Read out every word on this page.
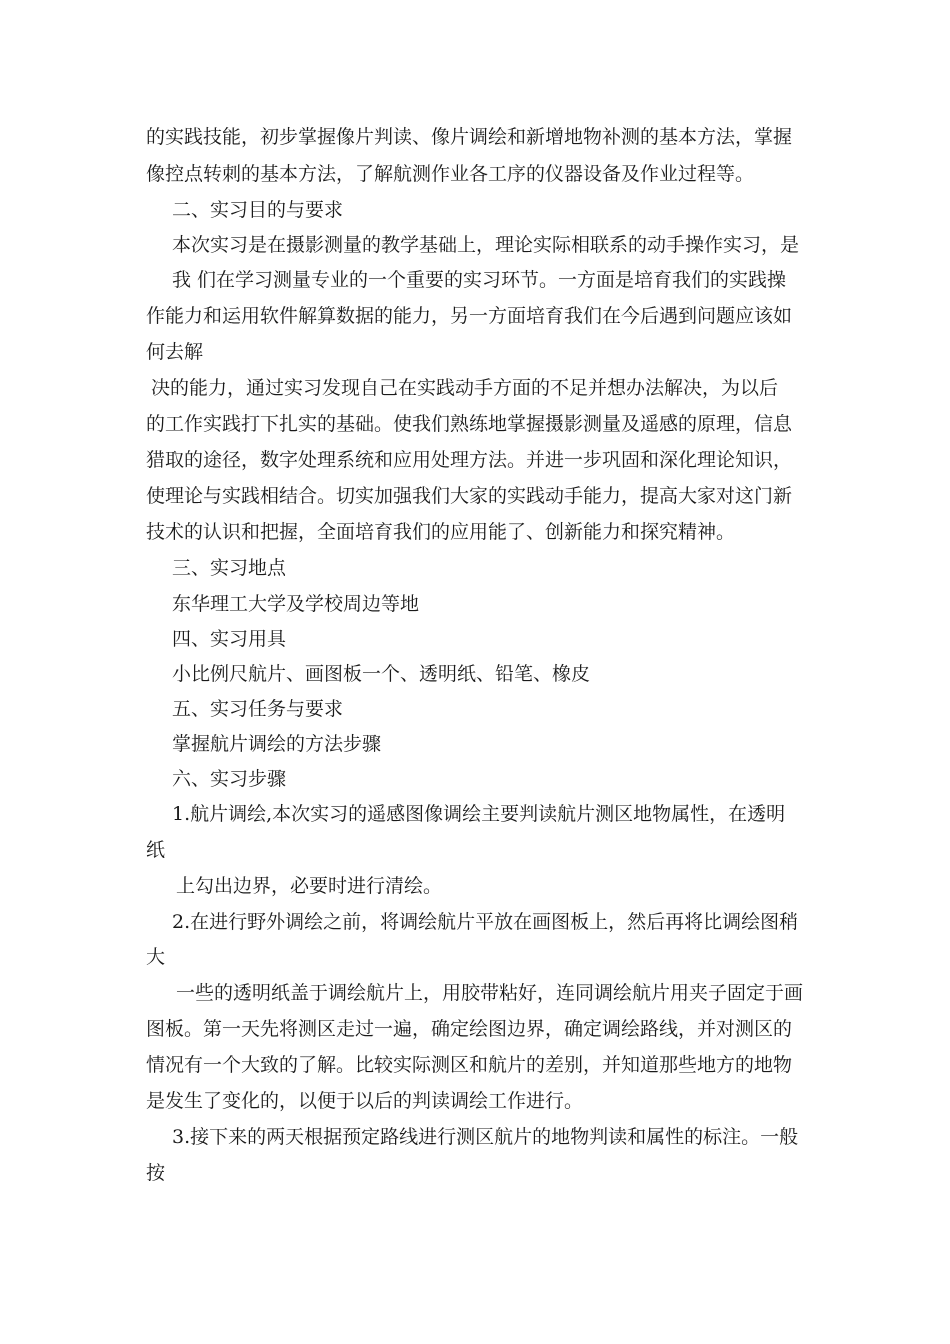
的实践技能，初步掌握像片判读、像片调绘和新增地物补测的基本方法，掌握
像控点转刺的基本方法，了解航测作业各工序的仪器设备及作业过程等。
二、实习目的与要求
本次实习是在摄影测量的教学基础上，理论实际相联系的动手操作实习，是
我 们在学习测量专业的一个重要的实习环节。一方面是培育我们的实践操
作能力和运用软件解算数据的能力，另一方面培育我们在今后遇到问题应该如
何去解
决的能力，通过实习发现自己在实践动手方面的不足并想办法解决，为以后
的工作实践打下扎实的基础。使我们熟练地掌握摄影测量及遥感的原理，信息
猎取的途径，数字处理系统和应用处理方法。并进一步巩固和深化理论知识，
使理论与实践相结合。切实加强我们大家的实践动手能力，提高大家对这门新
技术的认识和把握，全面培育我们的应用能了、创新能力和探究精神。
三、实习地点
东华理工大学及学校周边等地
四、实习用具
小比例尺航片、画图板一个、透明纸、铅笔、橡皮
五、实习任务与要求
掌握航片调绘的方法步骤
六、实习步骤
1.航片调绘,本次实习的遥感图像调绘主要判读航片测区地物属性，在透明
纸
上勾出边界，必要时进行清绘。
2.在进行野外调绘之前，将调绘航片平放在画图板上，然后再将比调绘图稍
大
一些的透明纸盖于调绘航片上，用胶带粘好，连同调绘航片用夹子固定于画
图板。第一天先将测区走过一遍，确定绘图边界，确定调绘路线，并对测区的
情况有一个大致的了解。比较实际测区和航片的差别，并知道那些地方的地物
是发生了变化的，以便于以后的判读调绘工作进行。
3.接下来的两天根据预定路线进行测区航片的地物判读和属性的标注。一般
按
